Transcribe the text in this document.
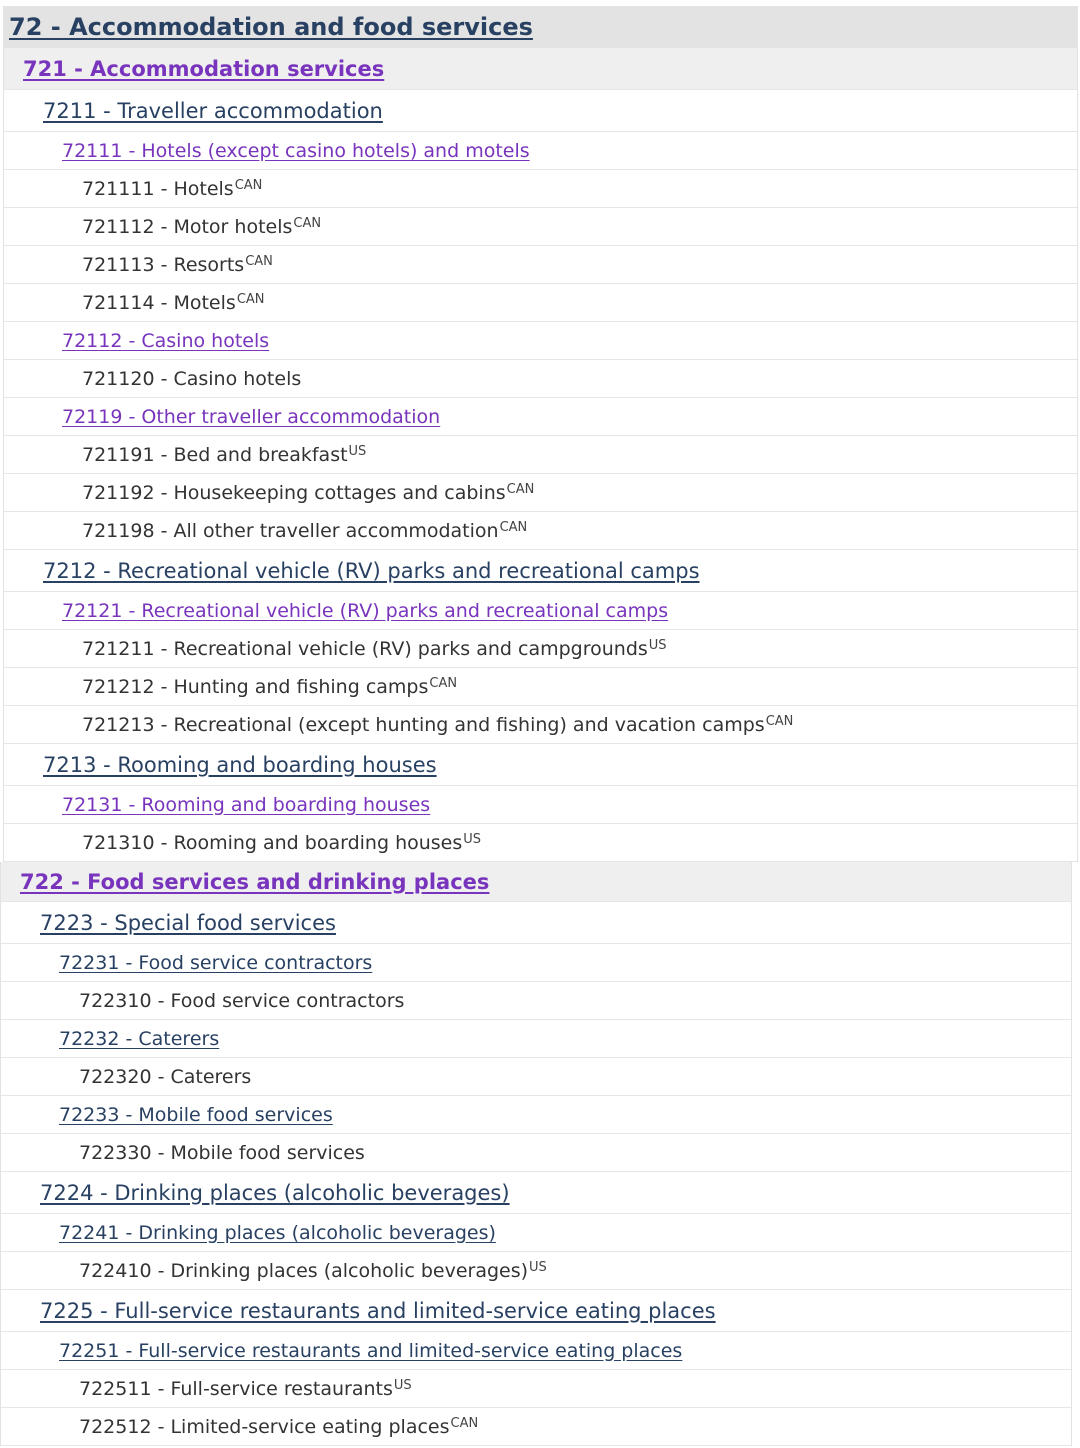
72 - Accommodation and food services
721 - Accommodation services
7211 - Traveller accommodation
72111 - Hotels (except casino hotels) and motels
721111 - Hotels$^{CAN}$
721112 - Motor hotels$^{CAN}$
721113 - Resorts$^{CAN}$
721114 - Motels$^{CAN}$
72112 - Casino hotels
721120 - Casino hotels
72119 - Other traveller accommodation
721191 - Bed and breakfast$^{US}$
721192 - Housekeeping cottages and cabins$^{CAN}$
721198 - All other traveller accommodation$^{CAN}$
7212 - Recreational vehicle (RV) parks and recreational camps
72121 - Recreational vehicle (RV) parks and recreational camps
721211 - Recreational vehicle (RV) parks and campgrounds$^{US}$
721212 - Hunting and fishing camps$^{CAN}$
721213 - Recreational (except hunting and fishing) and vacation camps$^{CAN}$
7213 - Rooming and boarding houses
72131 - Rooming and boarding houses
721310 - Rooming and boarding houses$^{US}$
722 - Food services and drinking places
7223 - Special food services
72231 - Food service contractors
722310 - Food service contractors
72232 - Caterers
722320 - Caterers
72233 - Mobile food services
722330 - Mobile food services
7224 - Drinking places (alcoholic beverages)
72241 - Drinking places (alcoholic beverages)
722410 - Drinking places (alcoholic beverages)$^{US}$
7225 - Full-service restaurants and limited-service eating places
72251 - Full-service restaurants and limited-service eating places
722511 - Full-service restaurants$^{US}$
722512 - Limited-service eating places$^{CAN}$
